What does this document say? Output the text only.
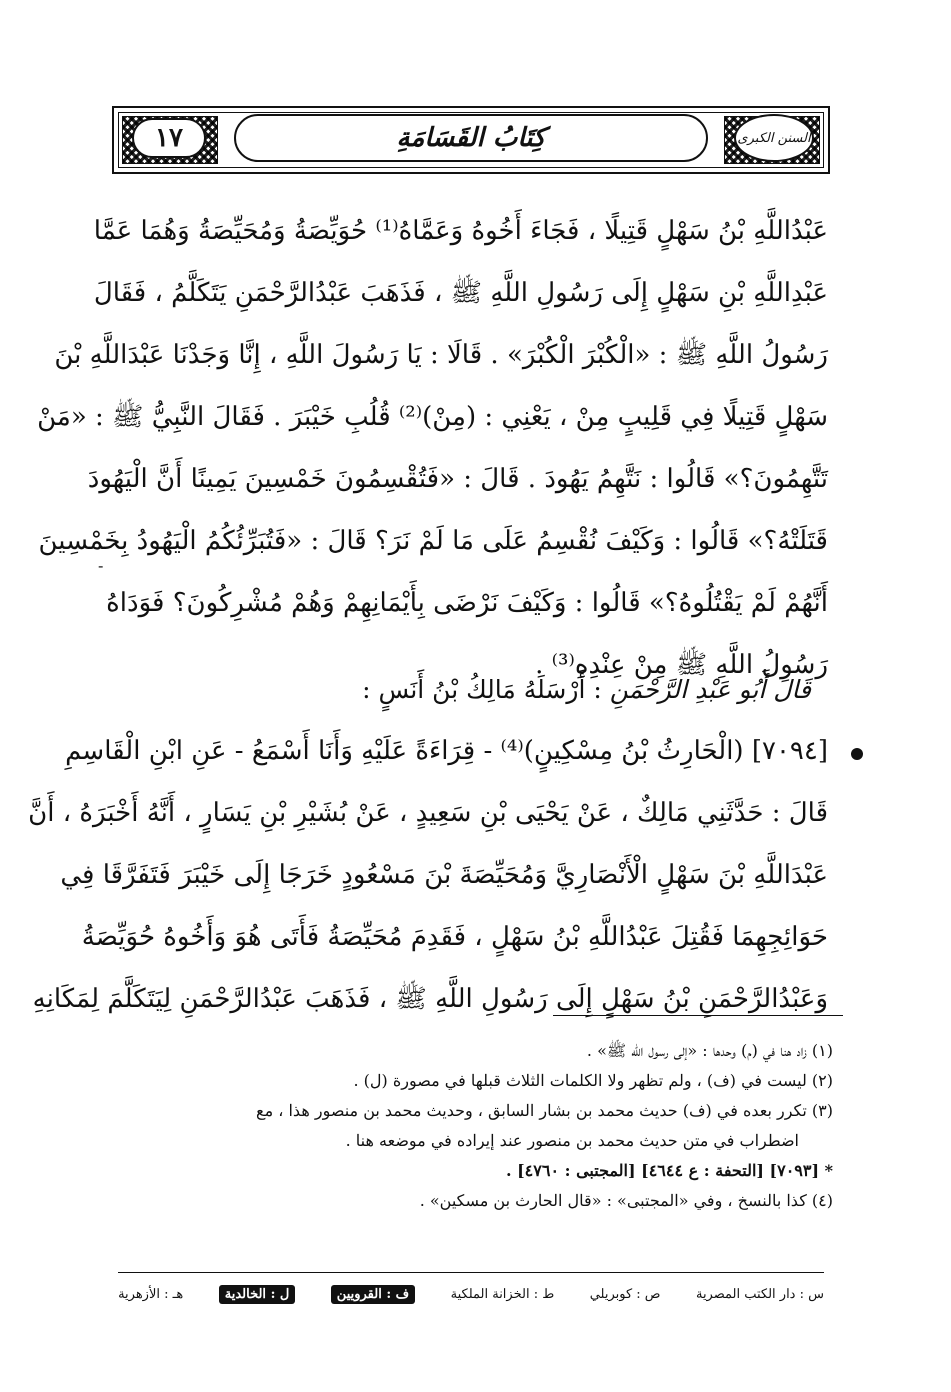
السنن الكبرى
١٧	كِتَابُ القَسَامَةِ
عَبْدُاللَّهِ بْنُ سَهْلٍ قَتِيلًا ، فَجَاءَ أَخُوهُ وَعَمَّاهُ⁽¹⁾ حُوَيِّصَةُ وَمُحَيِّصَةُ وَهُمَا عَمَّا
عَبْدِاللَّهِ بْنِ سَهْلٍ إِلَى رَسُولِ اللَّهِ ﷺ ، فَذَهَبَ عَبْدُالرَّحْمَنِ يَتَكَلَّمُ ، فَقَالَ
رَسُولُ اللَّهِ ﷺ : «الْكُبْرَ الْكُبْرَ» . قَالَا : يَا رَسُولَ اللَّهِ ، إِنَّا وَجَدْنَا عَبْدَاللَّهِ بْنَ
سَهْلٍ قَتِيلًا فِي قَلِيبٍ مِنْ ، يَعْنِي : (مِنْ)⁽²⁾ قُلُبِ خَيْبَرَ . فَقَالَ النَّبِيُّ ﷺ : «مَنْ
تَتَّهِمُونَ؟» قَالُوا : نَتَّهِمُ يَهُودَ . قَالَ : «فَتُقْسِمُونَ خَمْسِينَ يَمِينًا أَنَّ الْيَهُودَ
قَتَلَتْهُ؟» قَالُوا : وَكَيْفَ نُقْسِمُ عَلَى مَا لَمْ نَرَ؟ قَالَ : «فَتُبَرِّئُكُمُ الْيَهُودُ بِخَمْسِينَ
أَنَّهُمْ لَمْ يَقْتُلُوهُ؟» قَالُوا : وَكَيْفَ نَرْضَى بِأَيْمَانِهِمْ وَهُمْ مُشْرِكُونَ؟ فَوَدَاهُ
رَسُولُ اللَّهِ ﷺ مِنْ عِنْدِهِ⁽³⁾ .
-
قَالَ أَبُو عَبْدِ الرَّحْمَنِ : أَرْسَلَهُ مَالِكُ بْنُ أَنَسٍ :
[٧٠٩٤] (الْحَارِثُ بْنُ مِسْكِينٍ)⁽⁴⁾ - قِرَاءَةً عَلَيْهِ وَأَنَا أَسْمَعُ - عَنِ ابْنِ الْقَاسِمِ
قَالَ : حَدَّثَنِي مَالِكٌ ، عَنْ يَحْيَى بْنِ سَعِيدٍ ، عَنْ بُشَيْرِ بْنِ يَسَارٍ ، أَنَّهُ أَخْبَرَهُ ، أَنَّ
عَبْدَاللَّهِ بْنَ سَهْلٍ الْأَنْصَارِيَّ وَمُحَيِّصَةَ بْنَ مَسْعُودٍ خَرَجَا إِلَى خَيْبَرَ فَتَفَرَّقَا فِي
حَوَائِجِهِمَا فَقُتِلَ عَبْدُاللَّهِ بْنُ سَهْلٍ ، فَقَدِمَ مُحَيِّصَةُ فَأَتَى هُوَ وَأَخُوهُ حُوَيِّصَةُ
وَعَبْدُالرَّحْمَنِ بْنُ سَهْلٍ إِلَى رَسُولِ اللَّهِ ﷺ ، فَذَهَبَ عَبْدُالرَّحْمَنِ لِيَتَكَلَّمَ لِمَكَانِهِ
(١) زاد هنا في (م) وحدها : «إلى رسول الله ﷺ» .
(٢) ليست في (ف) ، ولم تظهر ولا الكلمات الثلاث قبلها في مصورة (ل) .
(٣) تكرر بعده في (ف) حديث محمد بن بشار السابق ، وحديث محمد بن منصور هذا ، مع
اضطراب في متن حديث محمد بن منصور عند إيراده في موضعه هنا .
* [٧٠٩٣] [التحفة : ع ٤٦٤٤] [المجتبى : ٤٧٦٠] .
(٤) كذا بالنسخ ، وفي «المجتبى» : «قال الحارث بن مسكين» .
س : دار الكتب المصرية
ص : كوبريلي
ط : الخزانة الملكية
ف : القرويين
ل : الخالدية
هـ : الأزهرية
